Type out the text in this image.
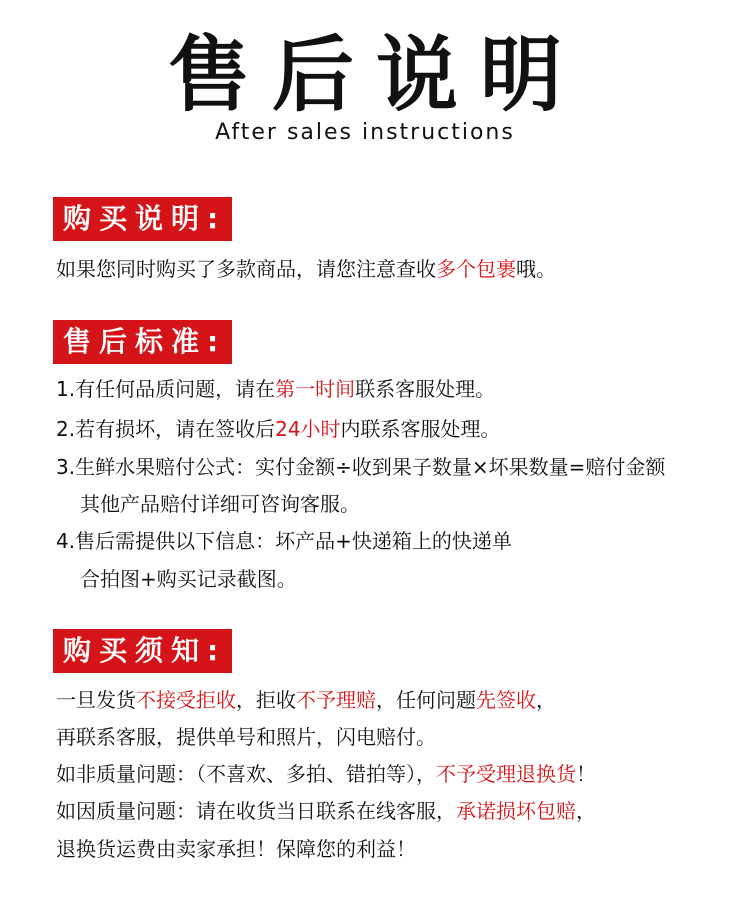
售后说明
After sales instructions
购买说明:
如果您同时购买了多款商品，请您注意查收多个包裹哦。
售后标准:
1.有任何品质问题，请在第一时间联系客服处理。
2.若有损坏，请在签收后24小时内联系客服处理。
3.生鲜水果赔付公式：实付金额÷收到果子数量×坏果数量=赔付金额
其他产品赔付详细可咨询客服。
4.售后需提供以下信息：坏产品+快递箱上的快递单
合拍图+购买记录截图。
购买须知:
一旦发货不接受拒收，拒收不予理赔，任何问题先签收，
再联系客服，提供单号和照片，闪电赔付。
如非质量问题：（不喜欢、多拍、错拍等），不予受理退换货！
如因质量问题：请在收货当日联系在线客服，承诺损坏包赔，
退换货运费由卖家承担！保障您的利益！
